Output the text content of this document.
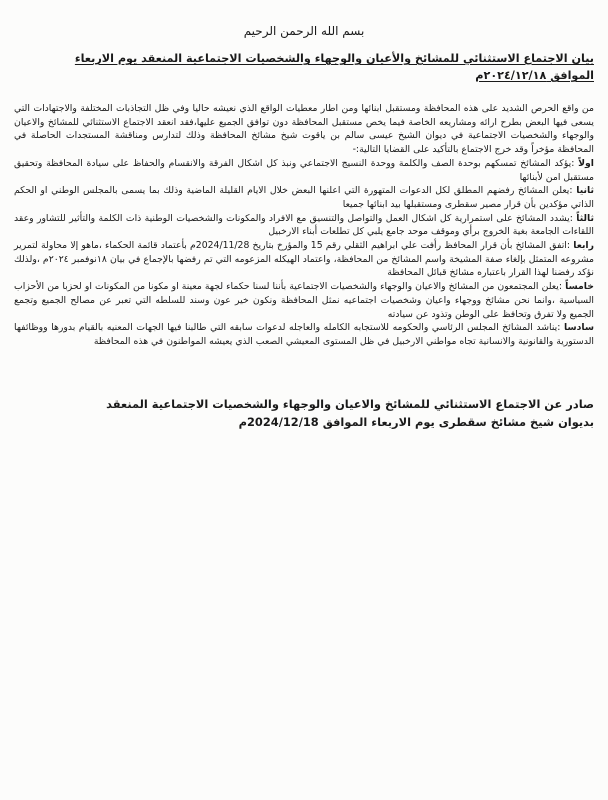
بسم الله الرحمن الرحيم
بيان الاجتماع الاستثنائي للمشائخ والأعيان والوجهاء والشخصيات الاجتماعية المنعقد يوم الاربعاء
الموافق ٢٠٢٤/١٢/١٨م

من واقع الحرص الشديد على هذه المحافظة ومستقبل ابنائها ومن اطار معطيات الواقع الذي نعيشه حاليا وفي ظل التجاذبات المختلفة والاجتهادات التي يسعى فيها البعض بطرح ارائه ومشاريعه الخاصة فيما يخص مستقبل المحافظة دون توافق الجميع عليها،فقد انعقد الاجتماع الاستثنائي للمشائخ والاعيان والوجهاء والشخصيات الاجتماعية في ديوان الشيخ عيسى سالم بن ياقوت شيخ مشائخ المحافظة وذلك لتدارس ومناقشة المستجدات الحاصلة في المحافظة مؤخراً وقد خرج الاجتماع بالتأكيد على القضايا التالية:-

اولاً :يؤكد المشائخ تمسكهم بوحدة الصف والكلمة ووحدة النسيج الاجتماعي ونبذ كل اشكال الفرقة والانقسام والحفاظ على سيادة المحافظة وتحقيق مستقبل امن لأبنائها

ثانيا :يعلن المشائخ رفضهم المطلق لكل الدعوات المتهورة التي اعلنها البعض خلال الايام القليلة الماضية وذلك بما يسمى بالمجلس الوطني او الحكم الذاتي مؤكدين بأن قرار مصير سقطرى ومستقبلها بيد ابنائها جميعا

ثالثاً :يشدد المشائخ على استمرارية كل اشكال العمل والتواصل والتنسيق مع الافراد والمكونات والشخصيات الوطنية ذات الكلمة والتأثير للتشاور وعقد اللقاءات الجامعة بغية الخروج برأي وموقف موحد جامع يلبي كل تطلعات أبناء الارخبيل

رابعا :اتفق المشائخ بأن قرار المحافظ رأفت علي ابراهيم الثقلي رقم 15 والمؤرخ بتاريخ 2024/11/28م بأعتماد قائمة الحكماء ،ماهو إلا محاولة لتمرير مشروعه المتمثل بإلغاء صفة المشيخة واسم المشائخ من المحافظة، واعتماد الهيكله المزعومه التي تم رفضها بالإجماع في بيان ١٨نوفمبر ٢٠٢٤م ،ولذلك نؤكد رفضنا لهذا القرار باعتباره مشائخ قبائل المحافظة

خامساً :يعلن المجتمعون من المشائخ والاعيان والوجهاء والشخصيات الاجتماعية بأننا لسنا حكماء لجهة معينة او مكونا من المكونات او لحزبا من الأحزاب السياسية ،وانما نحن مشائخ ووجهاء واعيان وشخصيات اجتماعيه نمثل المحافظة ونكون خير عون وسند للسلطه التي تعبر عن مصالح الجميع وتجمع الجميع ولا تفرق وتحافظ على الوطن وتذود عن سيادته

سادسا :يناشد المشائخ المجلس الرئاسي والحكومه للاستجابه الكامله والعاجله لدعوات سابقه التي طالبنا فيها الجهات المعنيه بالقيام بدورها ووظائفها الدستورية والقانونية والانسانية تجاه مواطني الارخبيل في ظل المستوى المعيشي الصعب الذي يعيشه المواطنون في هذه المحافظة

صادر عن الاجتماع الاستثنائي للمشائخ والاعيان والوجهاء والشخصيات الاجتماعية المنعقد
بديوان شيخ مشائخ سقطرى يوم الاربعاء الموافق 2024/12/18م
